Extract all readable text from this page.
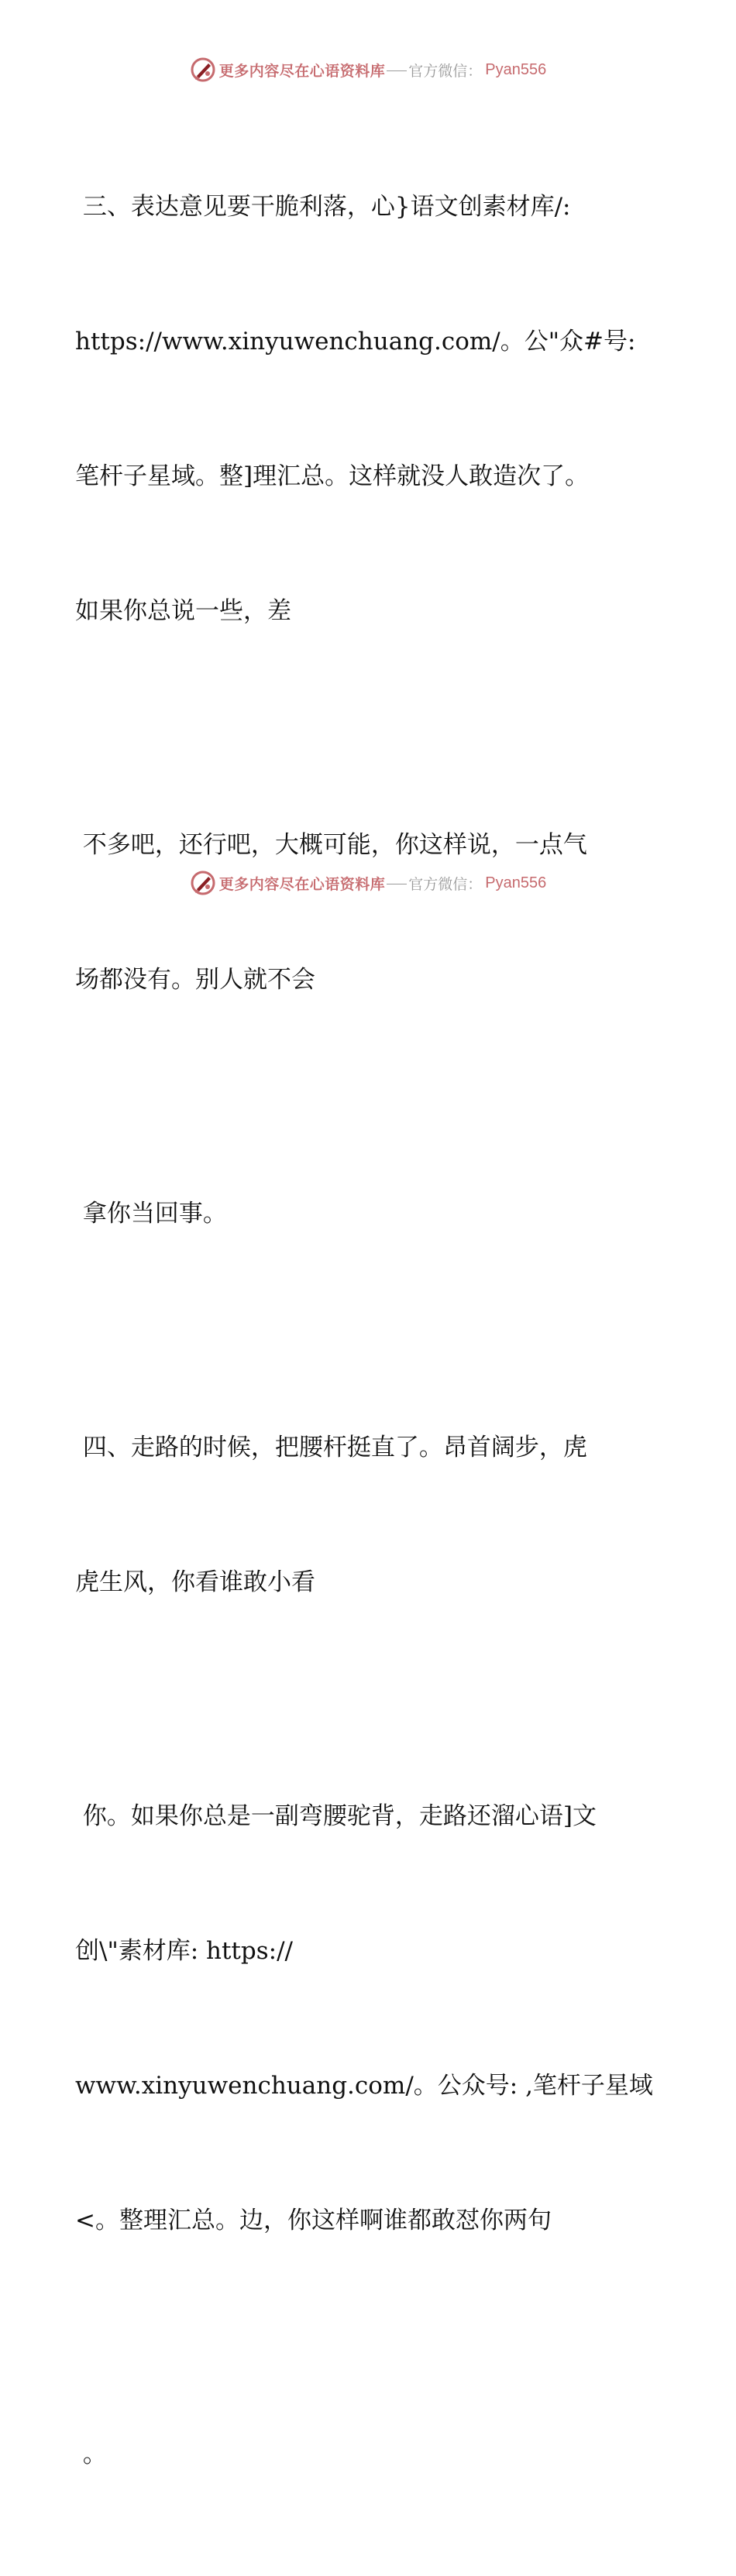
更多内容尽在心语资料库 官方微信： Pyan556

三、表达意见要干脆利落，心}语文创素材库/:

https://www.xinyuwenchuang.com/。公"众#号:

笔杆子星域。整]理汇总。这样就没人敢造次了。

如果你总说一些，差

不多吧，还行吧，大概可能，你这样说，一点气

场都没有。别人就不会

拿你当回事。

四、走路的时候，把腰杆挺直了。昂首阔步，虎

虎生风，你看谁敢小看

你。如果你总是一副弯腰驼背，走路还溜心语]文

创\"素材库: https://

www.xinyuwenchuang.com/。公众号: ,笔杆子星域

<。整理汇总。边，你这样啊谁都敢怼你两句

。

更多内容尽在心语资料库 官方微信： Pyan556
